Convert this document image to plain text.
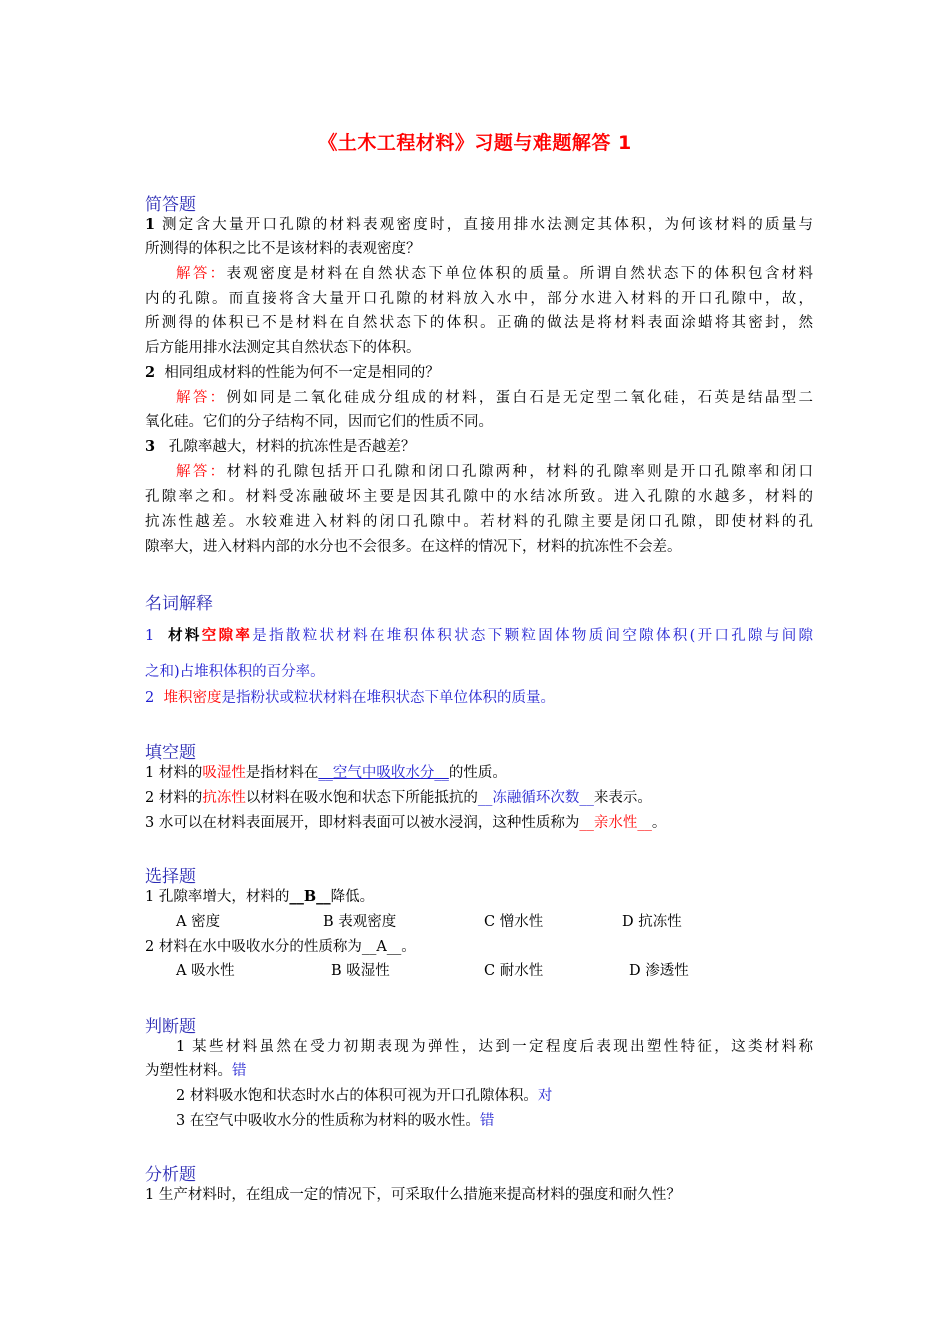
《土木工程材料》习题与难题解答 1
简答题
1 测定含大量开口孔隙的材料表观密度时，直接用排水法测定其体积，为何该材料的质量与
所测得的体积之比不是该材料的表观密度？
解答：表观密度是材料在自然状态下单位体积的质量。所谓自然状态下的体积包含材料
内的孔隙。而直接将含大量开口孔隙的材料放入水中，部分水进入材料的开口孔隙中，故，
所测得的体积已不是材料在自然状态下的体积。正确的做法是将材料表面涂蜡将其密封，然
后方能用排水法测定其自然状态下的体积。
2 相同组成材料的性能为何不一定是相同的？
解答：例如同是二氧化硅成分组成的材料，蛋白石是无定型二氧化硅，石英是结晶型二
氧化硅。它们的分子结构不同，因而它们的性质不同。
3 孔隙率越大，材料的抗冻性是否越差？
解答：材料的孔隙包括开口孔隙和闭口孔隙两种，材料的孔隙率则是开口孔隙率和闭口
孔隙率之和。材料受冻融破坏主要是因其孔隙中的水结冰所致。进入孔隙的水越多，材料的
抗冻性越差。水较难进入材料的闭口孔隙中。若材料的孔隙主要是闭口孔隙，即使材料的孔
隙率大，进入材料内部的水分也不会很多。在这样的情况下，材料的抗冻性不会差。
名词解释
1 材料空隙率是指散粒状材料在堆积体积状态下颗粒固体物质间空隙体积(开口孔隙与间隙
之和)占堆积体积的百分率。
2 堆积密度是指粉状或粒状材料在堆积状态下单位体积的质量。
填空题
1 材料的吸湿性是指材料在__空气中吸收水分__的性质。
2 材料的抗冻性以材料在吸水饱和状态下所能抵抗的__冻融循环次数__来表示。
3 水可以在材料表面展开，即材料表面可以被水浸润，这种性质称为__亲水性__。
选择题
1 孔隙率增大，材料的__B__降低。
A 密度	B 表观密度	C 憎水性	D 抗冻性
2 材料在水中吸收水分的性质称为__A__。
A 吸水性	B 吸湿性	C 耐水性	D 渗透性
判断题
1 某些材料虽然在受力初期表现为弹性，达到一定程度后表现出塑性特征，这类材料称
为塑性材料。错
2 材料吸水饱和状态时水占的体积可视为开口孔隙体积。对
3 在空气中吸收水分的性质称为材料的吸水性。错
分析题
1 生产材料时，在组成一定的情况下，可采取什么措施来提高材料的强度和耐久性？
